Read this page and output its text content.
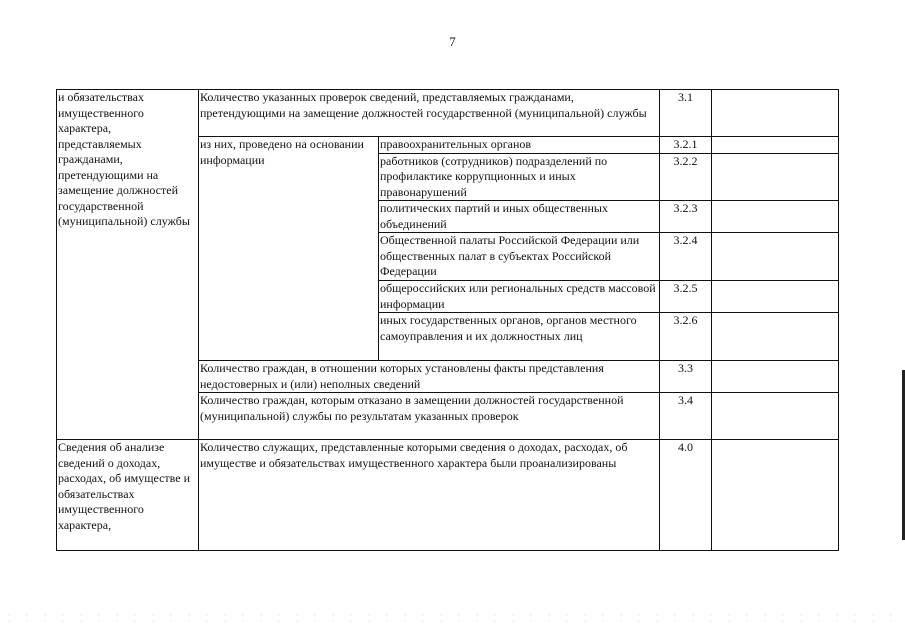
7
и обязательствах имущественного характера, представляемых гражданами, претендующими на замещение должностей государственной (муниципальной) службы	Количество указанных проверок сведений, представляемых гражданами, претендующими на замещение должностей государственной (муниципальной) службы		3.1	
	из них, проведено на основании информации	правоохранительных органов	3.2.1	
		работников (сотрудников) подразделений по профилактике коррупционных и иных правонарушений	3.2.2	
		политических партий и иных общественных объединений	3.2.3	
		Общественной палаты Российской Федерации или общественных палат в субъектах Российской Федерации	3.2.4	
		общероссийских или региональных средств массовой информации	3.2.5	
		иных государственных органов, органов местного самоуправления и их должностных лиц	3.2.6	
	Количество граждан, в отношении которых установлены факты представления недостоверных и (или) неполных сведений		3.3	
	Количество граждан, которым отказано в замещении должностей государственной (муниципальной) службы по результатам указанных проверок		3.4	
Сведения об анализе сведений о доходах, расходах, об имуществе и обязательствах имущественного характера,	Количество служащих, представленные которыми сведения о доходах, расходах, об имуществе и обязательствах имущественного характера были проанализированы		4.0	
